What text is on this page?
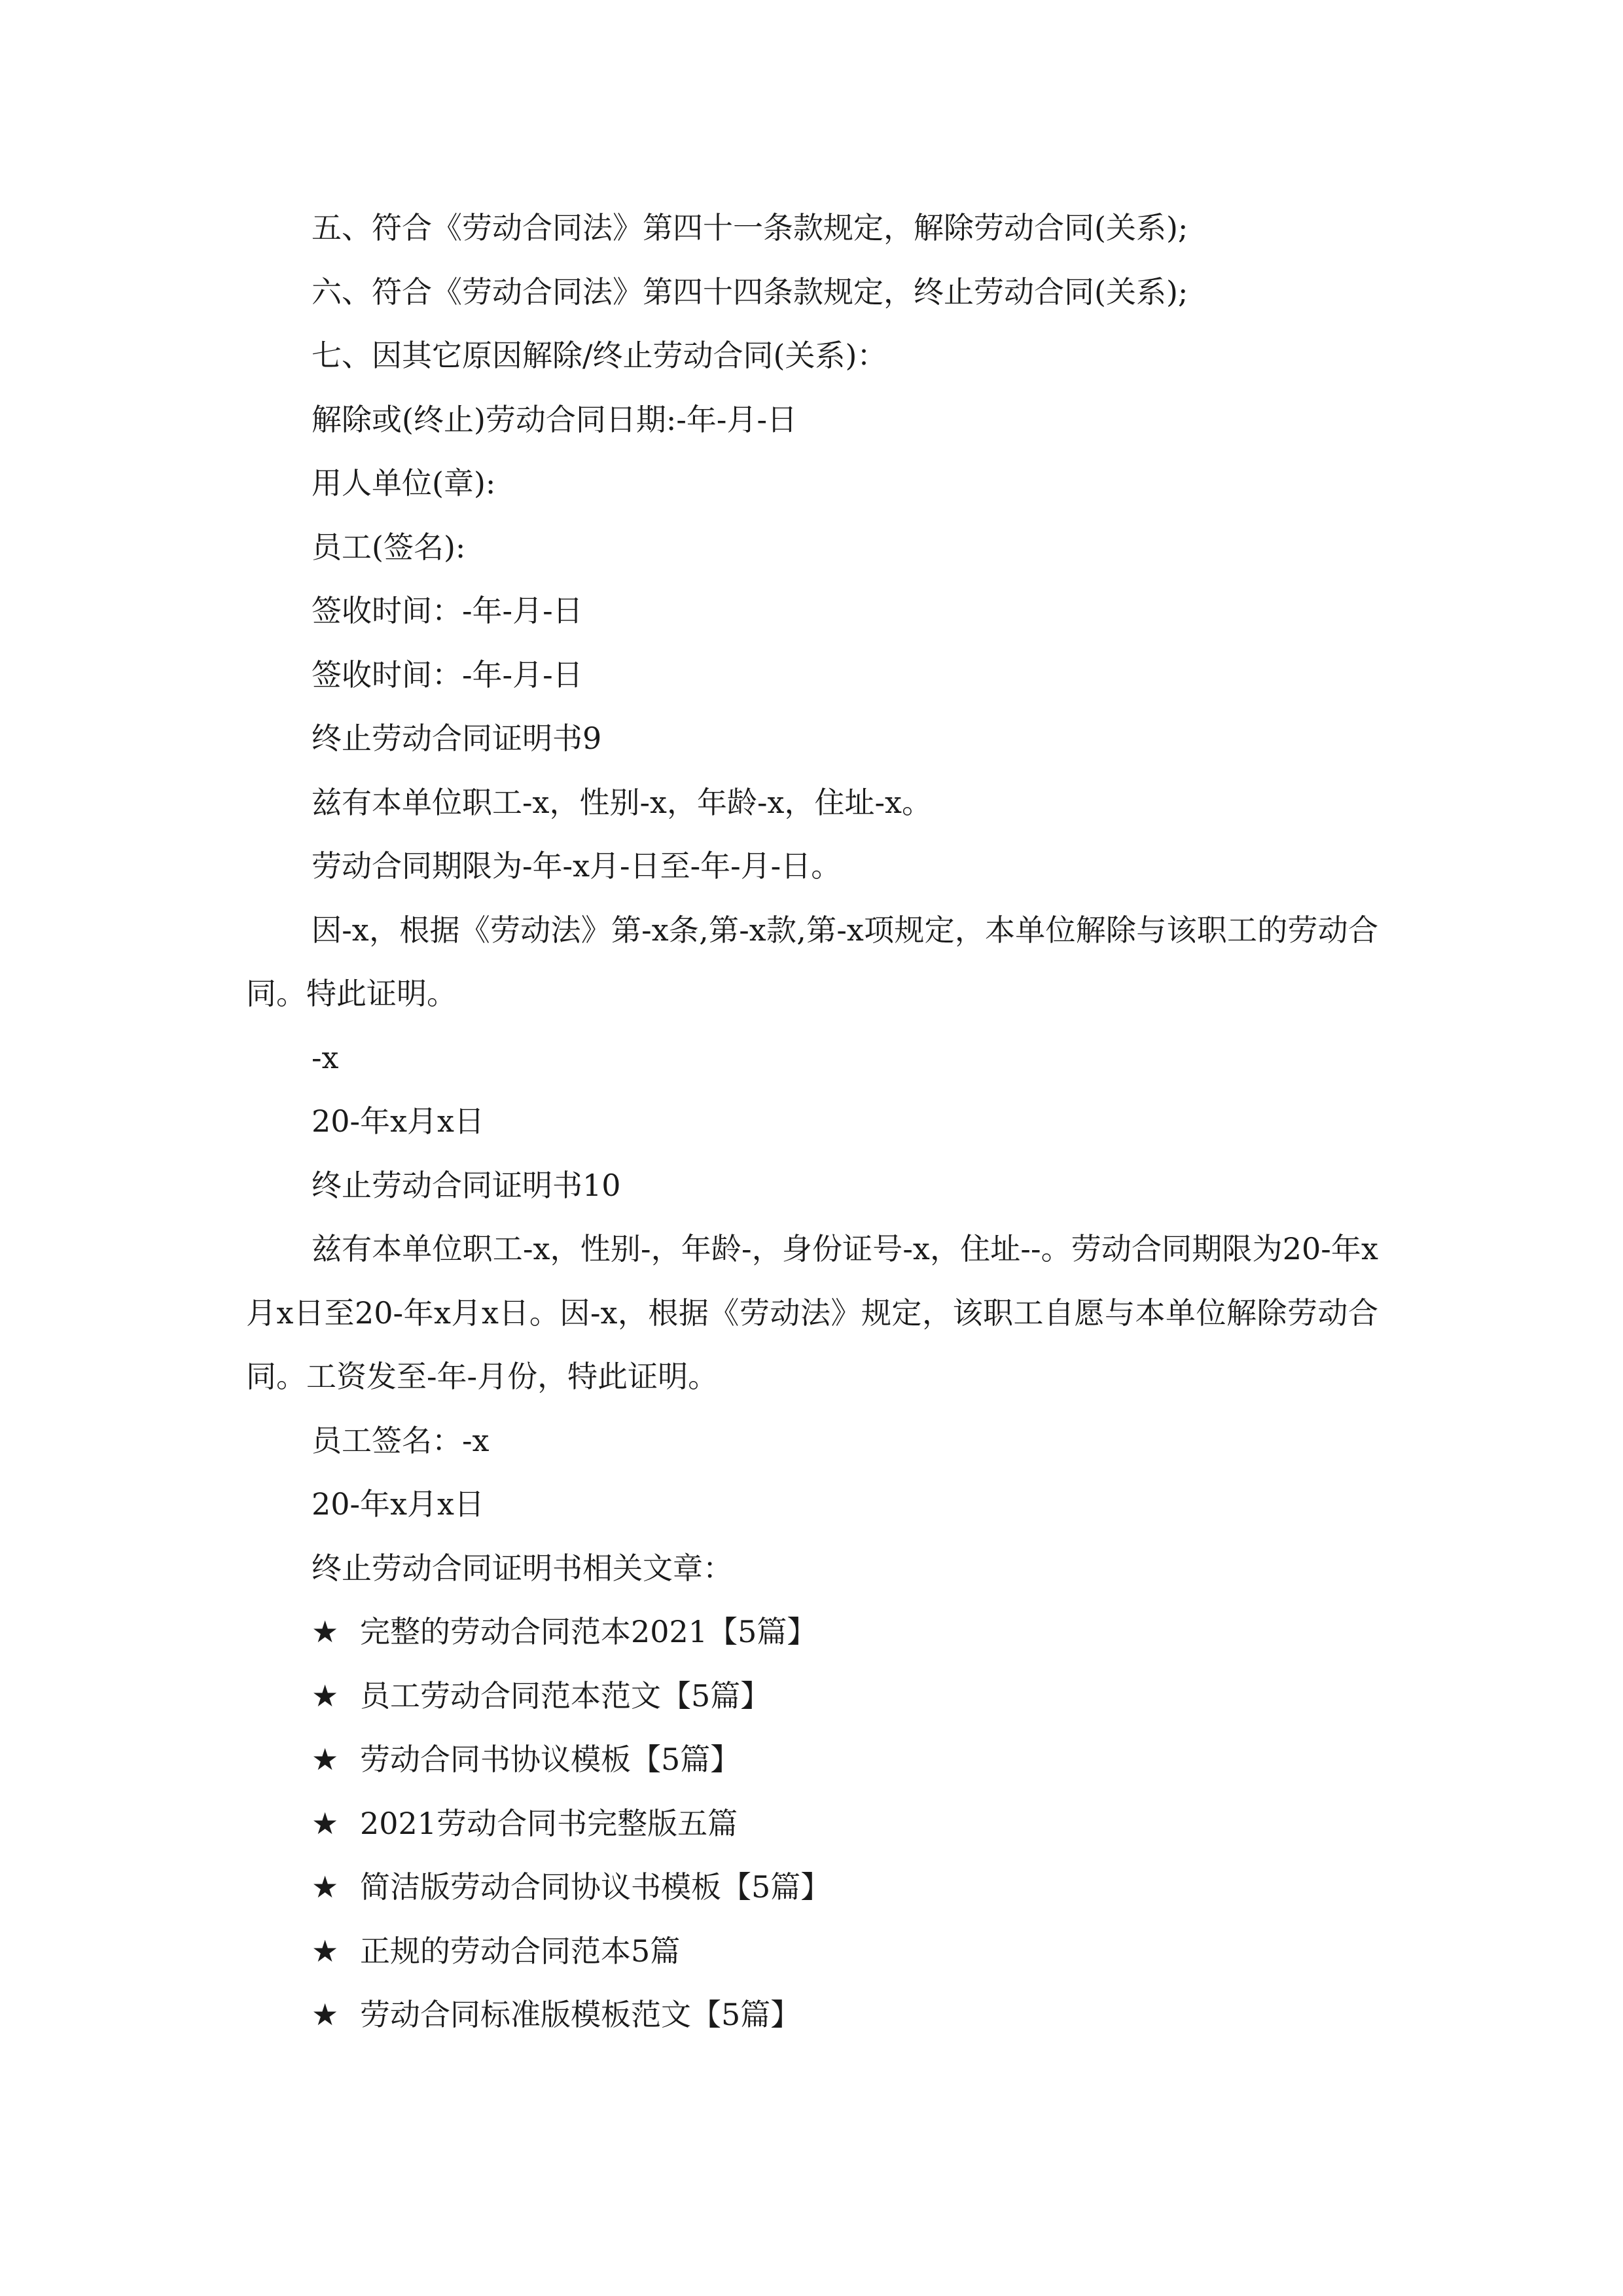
五、符合《劳动合同法》第四十一条款规定，解除劳动合同(关系);
六、符合《劳动合同法》第四十四条款规定，终止劳动合同(关系);
七、因其它原因解除/终止劳动合同(关系)：
解除或(终止)劳动合同日期:-年-月-日
用人单位(章):
员工(签名):
签收时间：-年-月-日
签收时间：-年-月-日
终止劳动合同证明书9
兹有本单位职工-x，性别-x，年龄-x，住址-x。
劳动合同期限为-年-x月-日至-年-月-日。
因-x，根据《劳动法》第-x条,第-x款,第-x项规定，本单位解除与该职工的劳动合同。特此证明。
-x
20-年x月x日
终止劳动合同证明书10
兹有本单位职工-x，性别-，年龄-，身份证号-x，住址--。劳动合同期限为20-年x月x日至20-年x月x日。因-x，根据《劳动法》规定，该职工自愿与本单位解除劳动合同。工资发至-年-月份，特此证明。
员工签名：-x
20-年x月x日
终止劳动合同证明书相关文章：
★ 完整的劳动合同范本2021【5篇】
★ 员工劳动合同范本范文【5篇】
★ 劳动合同书协议模板【5篇】
★ 2021劳动合同书完整版五篇
★ 简洁版劳动合同协议书模板【5篇】
★ 正规的劳动合同范本5篇
★ 劳动合同标准版模板范文【5篇】
